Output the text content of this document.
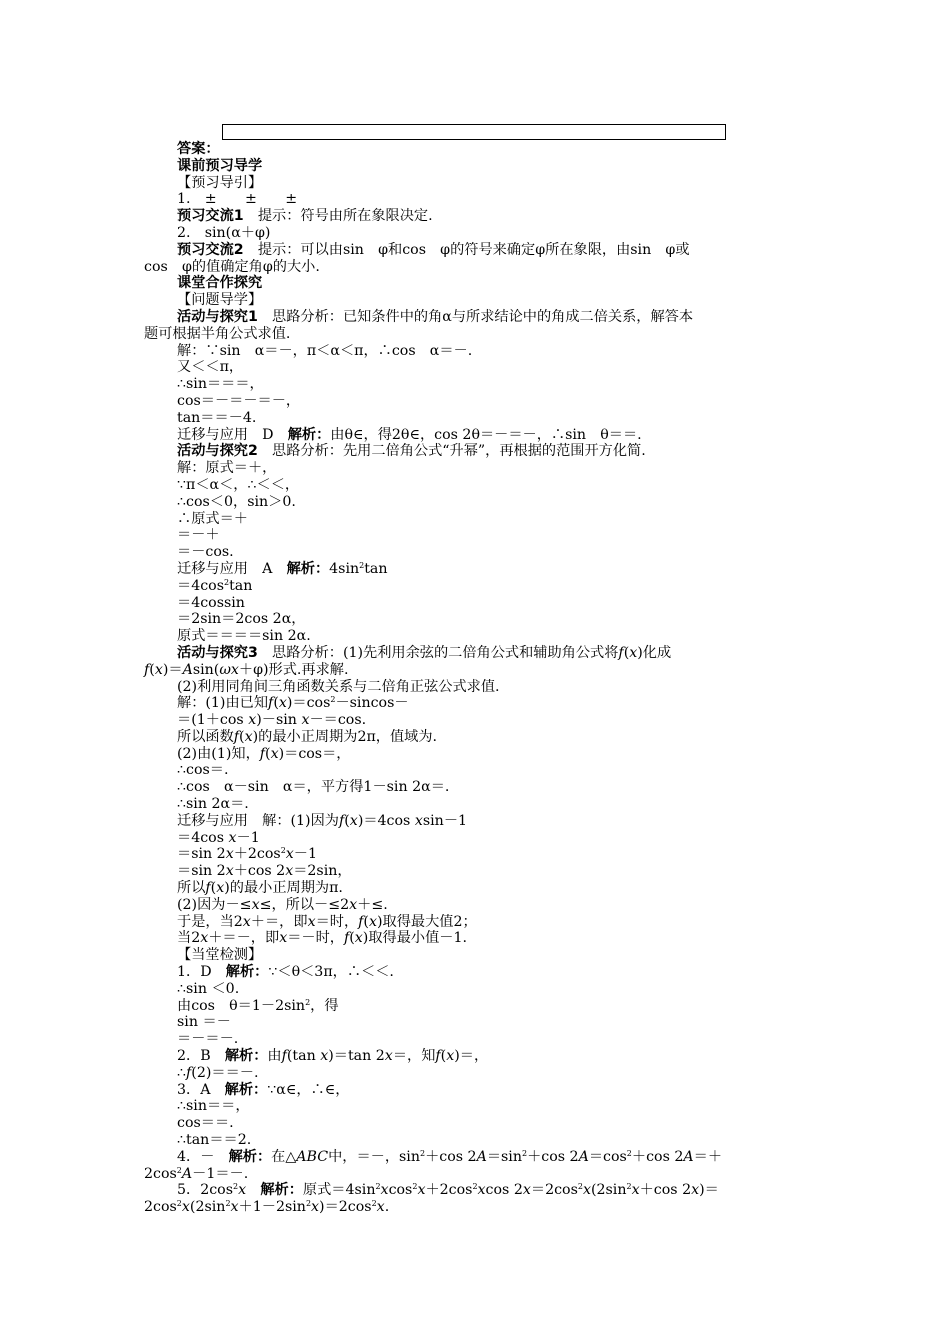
答案：
课前预习导学
【预习导引】
1.　±　　±　　±
预习交流1　提示：符号由所在象限决定.
2.　sin(α＋φ)
预习交流2　提示：可以由sin　φ和cos　φ的符号来确定φ所在象限，由sin　φ或
cos　φ的值确定角φ的大小.
课堂合作探究
【问题导学】
活动与探究1　思路分析：已知条件中的角α与所求结论中的角成二倍关系，解答本
题可根据半角公式求值.
解：∵sin　α＝－，π＜α＜π，∴cos　α＝－.
又＜＜π，
∴sin＝＝＝，
cos＝－＝－＝－，
tan＝＝－4.
迁移与应用　D　解析：由θ∈，得2θ∈，cos 2θ＝－＝－，∴sin　θ＝＝.
活动与探究2　思路分析：先用二倍角公式“升幂”，再根据的范围开方化简.
解：原式＝＋，
∵π＜α＜，∴＜＜，
∴cos＜0，sin＞0.
∴原式＝＋
＝－＋
＝－cos.
迁移与应用　A　解析：$4\sin^2\tan$
$=4\cos^2\tan$
＝4cossin
＝2sin＝2cos 2α，
原式＝＝＝＝sin 2α.
活动与探究3　思路分析：(1)先利用余弦的二倍角公式和辅助角公式将f(x)化成
f(x)＝Asin(ωx＋φ)形式.再求解.
(2)利用同角间三角函数关系与二倍角正弦公式求值.
解：(1)由已知$f(x)=\cos^2-sincos-$
＝(1＋cos x)－sin x－＝cos.
所以函数f(x)的最小正周期为2π，值域为.
(2)由(1)知，f(x)＝cos＝，
∴cos＝.
∴cos　α－sin　α＝，平方得1－sin 2α＝.
∴sin 2α＝.
迁移与应用　解：(1)因为f(x)＝4cos xsin－1
＝4cos x－1
＝sin $2x+2\cos^2x-1$
＝sin 2x＋cos 2x＝2sin，
所以f(x)的最小正周期为π.
(2)因为－≤x≤，所以－≤2x＋≤.
于是，当2x＋＝，即x＝时，f(x)取得最大值2；
当2x＋＝－，即x＝－时，f(x)取得最小值－1.
【当堂检测】
1．D　解析：∵＜θ＜3π，∴＜＜.
∴sin ＜0.
由cos　$\theta=1-2\sin^2$，得
sin ＝－
＝－＝－.
2．B　解析：由f(tan x)＝tan 2x＝，知f(x)＝，
∴f(2)＝＝－.
3．A　解析：∵α∈，∴∈，
∴sin＝＝，
cos＝＝.
∴tan＝＝2.
4．－　解析：在△ABC中，＝－，$\sin^2+\cos$ $2A=\sin^2+\cos$ $2A=\cos^2+\cos$ 2A＝＋
$2\cos^2A-1=-$.
5．$2\cos^2x$　 解析：原式$=4\sin^2xcos^2x+2\cos^2xcos$ $2x=2\cos^2x(2\sin^2x+\cos$ 2x)＝
$2\cos^2x(2\sin^2x+1-2\sin^2x)=2\cos^2x$.
